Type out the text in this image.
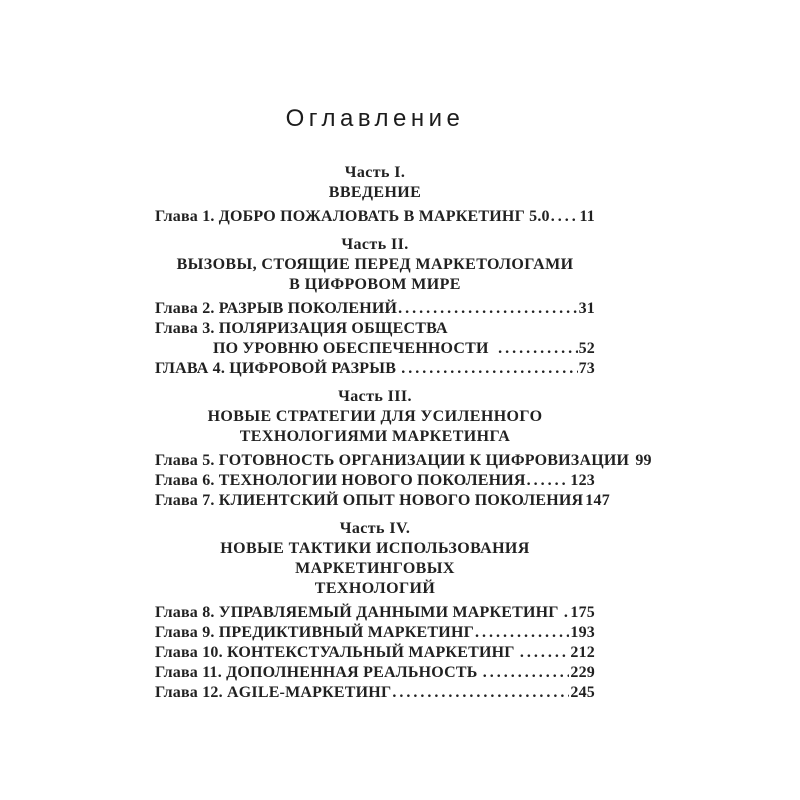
Оглавление
Часть I.
ВВЕДЕНИЕ
Глава 1. ДОБРО ПОЖАЛОВАТЬ В МАРКЕТИНГ 5.0 ..... 11
Часть II.
ВЫЗОВЫ, СТОЯЩИЕ ПЕРЕД МАРКЕТОЛОГАМИ
В ЦИФРОВОМ МИРЕ
Глава 2. РАЗРЫВ ПОКОЛЕНИЙ .....	31
Глава 3. ПОЛЯРИЗАЦИЯ ОБЩЕСТВА
ПО УРОВНЮ ОБЕСПЕЧЕННОСТИ .....	52
ГЛАВА 4. ЦИФРОВОЙ РАЗРЫВ .....	73
Часть III.
НОВЫЕ СТРАТЕГИИ ДЛЯ УСИЛЕННОГО
ТЕХНОЛОГИЯМИ МАРКЕТИНГА
Глава 5. ГОТОВНОСТЬ ОРГАНИЗАЦИИ К ЦИФРОВИЗАЦИИ 99
Глава 6. ТЕХНОЛОГИИ НОВОГО ПОКОЛЕНИЯ .....	123
Глава 7. КЛИЕНТСКИЙ ОПЫТ НОВОГО ПОКОЛЕНИЯ 147
Часть IV.
НОВЫЕ ТАКТИКИ ИСПОЛЬЗОВАНИЯ МАРКЕТИНГОВЫХ
ТЕХНОЛОГИЙ
Глава 8. УПРАВЛЯЕМЫЙ ДАННЫМИ МАРКЕТИНГ ..... 175
Глава 9. ПРЕДИКТИВНЫЙ МАРКЕТИНГ .....	193
Глава 10. КОНТЕКСТУАЛЬНЫЙ МАРКЕТИНГ .....	212
Глава 11. ДОПОЛНЕННАЯ РЕАЛЬНОСТЬ .....	229
Глава 12. AGILE-МАРКЕТИНГ .....	245
